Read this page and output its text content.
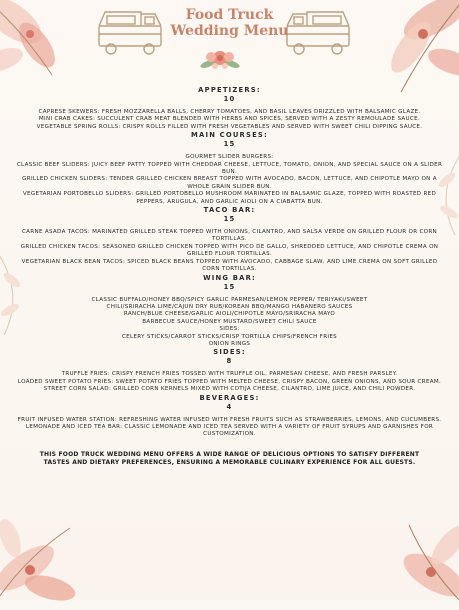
Food Truck
Wedding Menu
APPETIZERS:
10
CAPRESE SKEWERS: FRESH MOZZARELLA BALLS, CHERRY TOMATOES, AND BASIL LEAVES DRIZZLED WITH BALSAMIC GLAZE.
MINI CRAB CAKES: SUCCULENT CRAB MEAT BLENDED WITH HERBS AND SPICES, SERVED WITH A ZESTY REMOULADE SAUCE.
VEGETABLE SPRING ROLLS: CRISPY ROLLS FILLED WITH FRESH VEGETABLES AND SERVED WITH SWEET CHILI DIPPING SAUCE.
MAIN COURSES:
15
GOURMET SLIDER BURGERS:
CLASSIC BEEF SLIDERS: JUICY BEEF PATTY TOPPED WITH CHEDDAR CHEESE, LETTUCE, TOMATO, ONION, AND SPECIAL SAUCE ON A SLIDER BUN.
GRILLED CHICKEN SLIDERS: TENDER GRILLED CHICKEN BREAST TOPPED WITH AVOCADO, BACON, LETTUCE, AND CHIPOTLE MAYO ON A WHOLE GRAIN SLIDER BUN.
VEGETARIAN PORTOBELLO SLIDERS: GRILLED PORTOBELLO MUSHROOM MARINATED IN BALSAMIC GLAZE, TOPPED WITH ROASTED RED PEPPERS, ARUGULA, AND GARLIC AIOLI ON A CIABATTA BUN.
TACO BAR:
15
CARNE ASADA TACOS: MARINATED GRILLED STEAK TOPPED WITH ONIONS, CILANTRO, AND SALSA VERDE ON GRILLED FLOUR OR CORN TORTILLAS.
GRILLED CHICKEN TACOS: SEASONED GRILLED CHICKEN TOPPED WITH PICO DE GALLO, SHREDDED LETTUCE, AND CHIPOTLE CREMA ON GRILLED FLOUR TORTILLAS.
VEGETARIAN BLACK BEAN TACOS: SPICED BLACK BEANS TOPPED WITH AVOCADO, CABBAGE SLAW, AND LIME CREMA ON SOFT GRILLED CORN TORTILLAS.
WING BAR:
15
CLASSIC BUFFALO/HONEY BBQ/SPICY GARLIC PARMESAN/LEMON PEPPER/ TERIYAKI/SWEET CHILI/SRIRACHA LIME/CAJUN DRY RUB/KOREAN BBQ/MANGO HABANERO SAUCES
RANCH/BLUE CHEESE/GARLIC AIOLI/CHIPOTLE MAYO/SRIRACHA MAYO
BARBECUE SAUCE/HONEY MUSTARD/SWEET CHILI SAUCE
SIDES:
CELERY STICKS/CARROT STICKS/CRISP TORTILLA CHIPS/FRENCH FRIES
ONION RINGS
SIDES:
8
TRUFFLE FRIES: CRISPY FRENCH FRIES TOSSED WITH TRUFFLE OIL, PARMESAN CHEESE, AND FRESH PARSLEY.
LOADED SWEET POTATO FRIES: SWEET POTATO FRIES TOPPED WITH MELTED CHEESE, CRISPY BACON, GREEN ONIONS, AND SOUR CREAM.
STREET CORN SALAD: GRILLED CORN KERNELS MIXED WITH COTIJA CHEESE, CILANTRO, LIME JUICE, AND CHILI POWDER.
BEVERAGES:
4
FRUIT INFUSED WATER STATION: REFRESHING WATER INFUSED WITH FRESH FRUITS SUCH AS STRAWBERRIES, LEMONS, AND CUCUMBERS.
LEMONADE AND ICED TEA BAR: CLASSIC LEMONADE AND ICED TEA SERVED WITH A VARIETY OF FRUIT SYRUPS AND GARNISHES FOR CUSTOMIZATION.
THIS FOOD TRUCK WEDDING MENU OFFERS A WIDE RANGE OF DELICIOUS OPTIONS TO SATISFY DIFFERENT TASTES AND DIETARY PREFERENCES, ENSURING A MEMORABLE CULINARY EXPERIENCE FOR ALL GUESTS.
